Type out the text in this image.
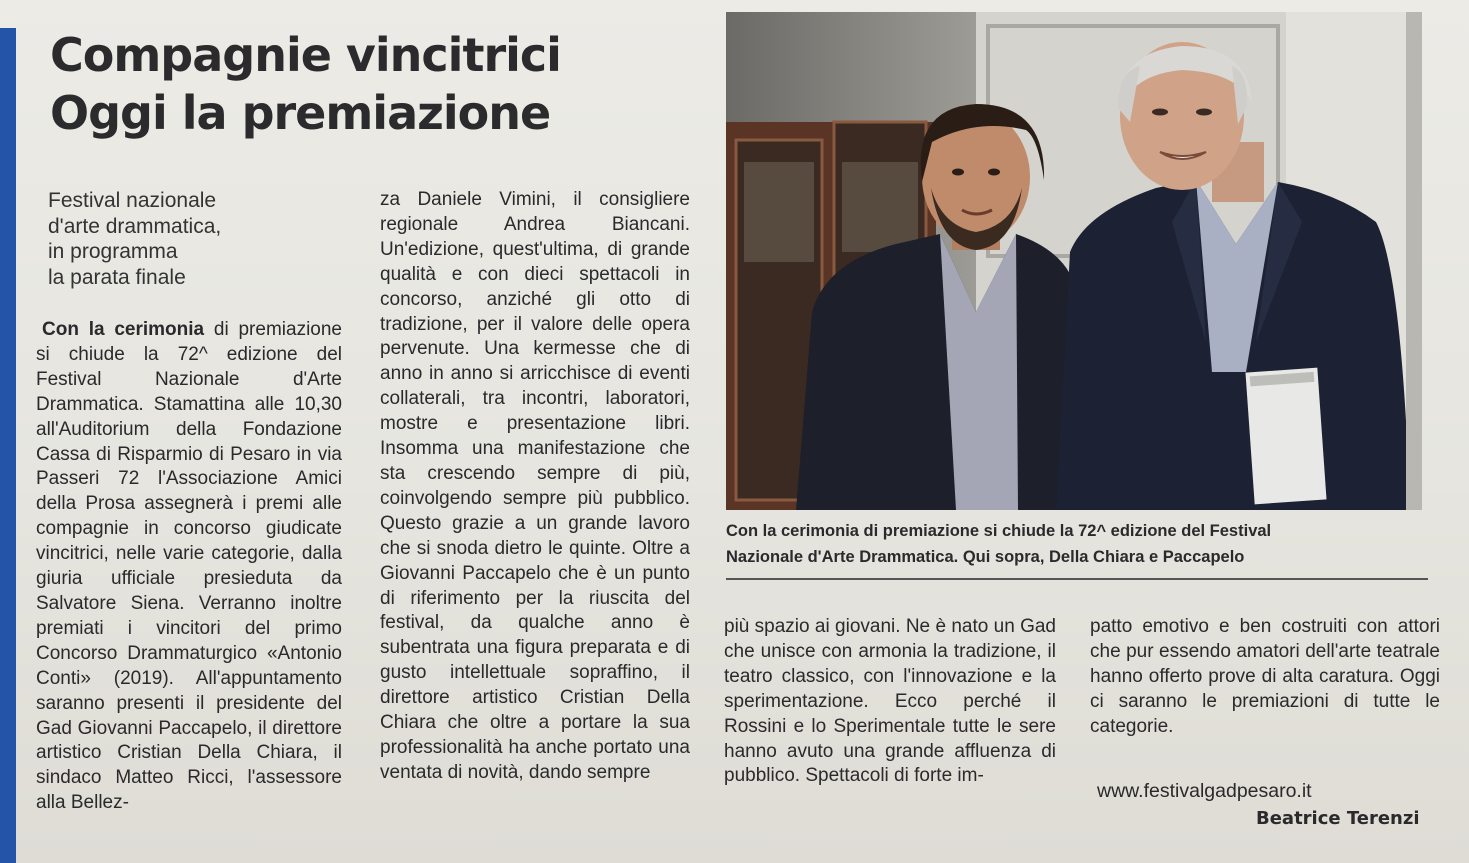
Compagnie vincitrici
Oggi la premiazione

Festival nazionale
d'arte drammatica,
in programma
la parata finale

Con la cerimonia di premiazione si chiude la 72^ edizione del Festival Nazionale d'Arte Drammatica. Stamattina alle 10,30 all'Auditorium della Fondazione Cassa di Risparmio di Pesaro in via Passeri 72 l'Associazione Amici della Prosa assegnerà i premi alle compagnie in concorso giudicate vincitrici, nelle varie categorie, dalla giuria ufficiale presieduta da Salvatore Siena. Verranno inoltre premiati i vincitori del primo Concorso Drammaturgico «Antonio Conti» (2019). All'appuntamento saranno presenti il presidente del Gad Giovanni Paccapelo, il direttore artistico Cristian Della Chiara, il sindaco Matteo Ricci, l'assessore alla Bellez-

za Daniele Vimini, il consigliere regionale Andrea Biancani. Un'edizione, quest'ultima, di grande qualità e con dieci spettacoli in concorso, anziché gli otto di tradizione, per il valore delle opera pervenute. Una kermesse che di anno in anno si arricchisce di eventi collaterali, tra incontri, laboratori, mostre e presentazione libri. Insomma una manifestazione che sta crescendo sempre di più, coinvolgendo sempre più pubblico. Questo grazie a un grande lavoro che si snoda dietro le quinte. Oltre a Giovanni Paccapelo che è un punto di riferimento per la riuscita del festival, da qualche anno è subentrata una figura preparata e di gusto intellettuale sopraffino, il direttore artistico Cristian Della Chiara che oltre a portare la sua professionalità ha anche portato una ventata di novità, dando sempre

Con la cerimonia di premiazione si chiude la 72^ edizione del Festival
Nazionale d'Arte Drammatica. Qui sopra, Della Chiara e Paccapelo

più spazio ai giovani. Ne è nato un Gad che unisce con armonia la tradizione, il teatro classico, con l'innovazione e la sperimentazione. Ecco perché il Rossini e lo Sperimentale tutte le sere hanno avuto una grande affluenza di pubblico. Spettacoli di forte im-

patto emotivo e ben costruiti con attori che pur essendo amatori dell'arte teatrale hanno offerto prove di alta caratura. Oggi ci saranno le premiazioni di tutte le categorie.

www.festivalgadpesaro.it

Beatrice Terenzi
